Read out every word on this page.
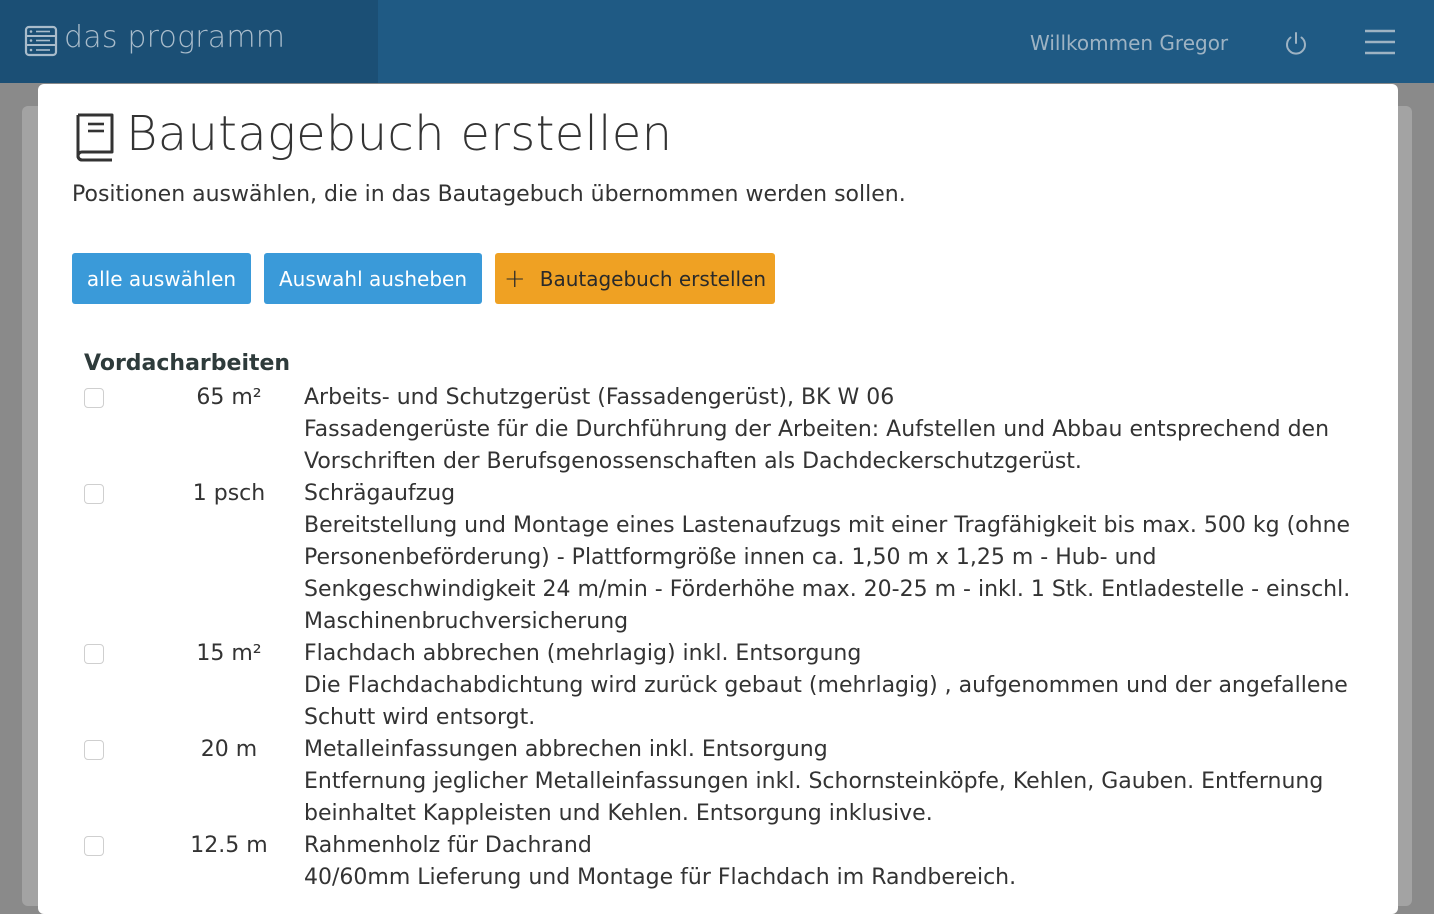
das programm	Willkommen Gregor
Bautagebuch erstellen
Positionen auswählen, die in das Bautagebuch übernommen werden sollen.
alle auswählen	Auswahl ausheben	+ Bautagebuch erstellen
Vordacharbeiten
65 m²	Arbeits- und Schutzgerüst (Fassadengerüst), BK W 06

Fassadengerüste für die Durchführung der Arbeiten: Aufstellen und Abbau entsprechend den Vorschriften der Berufsgenossenschaften als Dachdeckerschutzgerüst.

1 psch	Schrägaufzug

Bereitstellung und Montage eines Lastenaufzugs mit einer Tragfähigkeit bis max. 500 kg (ohne Personenbeförderung) - Plattformgröße innen ca. 1,50 m x 1,25 m - Hub- und Senkgeschwindigkeit 24 m/min - Förderhöhe max. 20-25 m - inkl. 1 Stk. Entladestelle - einschl. Maschinenbruchversicherung

15 m²	Flachdach abbrechen (mehrlagig) inkl. Entsorgung

Die Flachdachabdichtung wird zurück gebaut (mehrlagig) , aufgenommen und der angefallene Schutt wird entsorgt.

20 m	Metalleinfassungen abbrechen inkl. Entsorgung

Entfernung jeglicher Metalleinfassungen inkl. Schornsteinköpfe, Kehlen, Gauben. Entfernung beinhaltet Kappleisten und Kehlen. Entsorgung inklusive.

12.5 m	Rahmenholz für Dachrand

40/60mm Lieferung und Montage für Flachdach im Randbereich.
